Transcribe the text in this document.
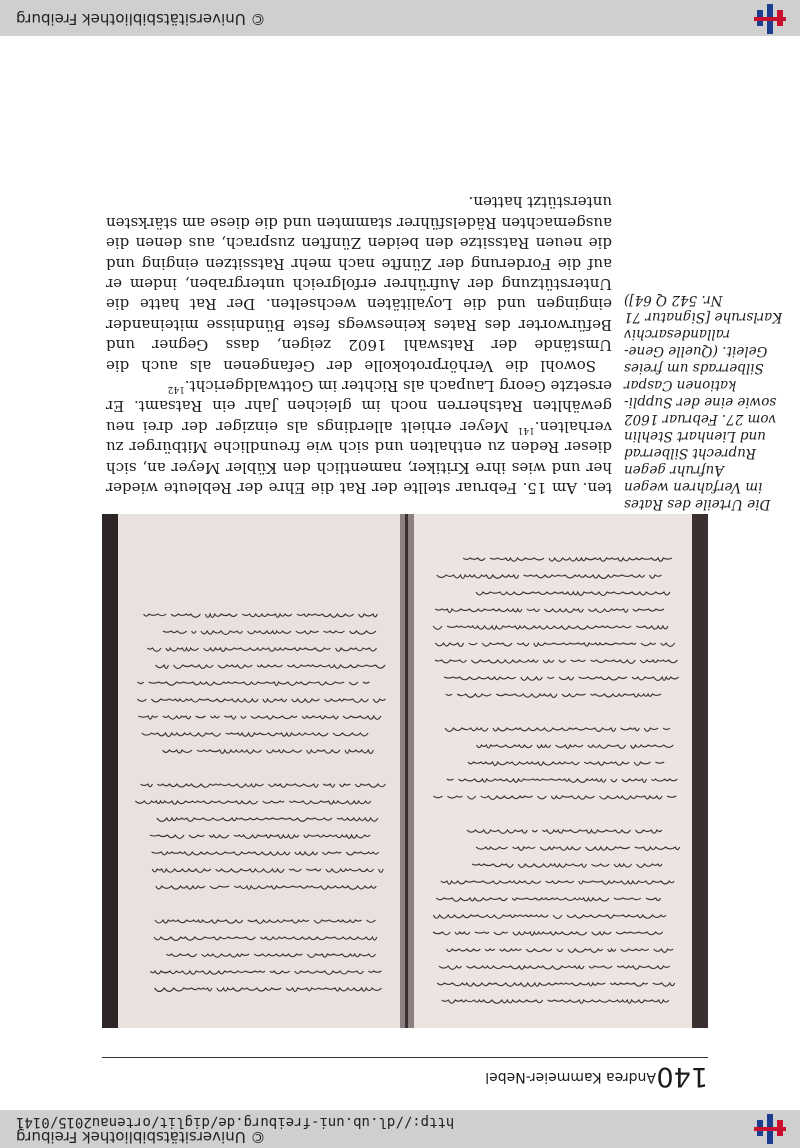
© Universitätsbibliothek Freiburg
http://dl.ub.uni-freiburg.de/diglit/ortenau2015/0141
140
Andrea Kammeier-Nebel
Die Urteile des Rates
im Verfahren wegen
Aufruhr gegen
Ruprecht Silberrad
und Lienhart Stehlin
vom 27. Februar 1602
sowie eine der Suppli-
kationen Caspar
Silberrads um freies
Geleit. (Quelle Gene-
rallandesarchiv
Karlsruhe [Signatur 71
Nr. 542 Q 64])

ten. Am 15. Februar stellte der Rat die Ehre der Rebleute wieder her und wies ihre Kritiker, namentlich den Kübler Meyer an, sich dieser Reden zu enthalten und sich wie freundliche Mitbürger zu verhalten.$^{141}$ Meyer erhielt allerdings als einziger der drei neu gewählten Ratsherren noch im gleichen Jahr ein Ratsamt. Er ersetzte Georg Laupach als Richter im Gottwaldgericht.$^{142}$

Sowohl die Verhörprotokolle der Gefangenen als auch die Umstände der Ratswahl 1602 zeigen, dass Gegner und Befürworter des Rates keineswegs feste Bündnisse miteinander eingingen und die Loyalitäten wechselten. Der Rat hatte die Unterstützung der Aufrührer erfolgreich untergraben, indem er auf die Forderung der Zünfte nach mehr Ratssitzen einging und die neuen Ratssitze den beiden Zünften zusprach, aus denen die ausgemachten Rädelsführer stammten und die diese am stärksten unterstützt hatten.

© Universitätsbibliothek Freiburg
